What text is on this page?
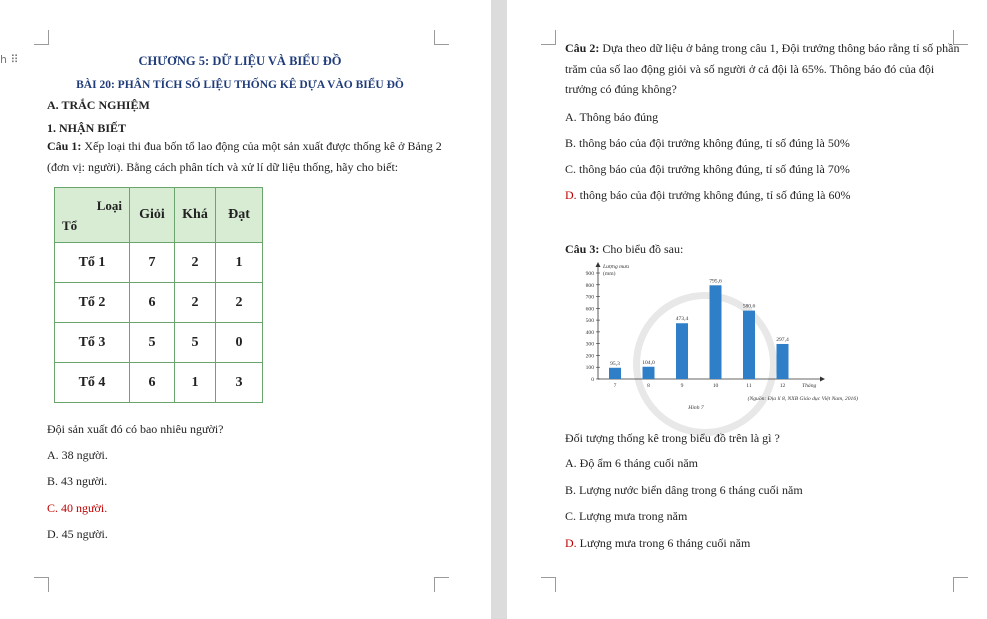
h ⠿	CHƯƠNG 5: DỮ LIỆU VÀ BIỂU ĐỒ
BÀI 20: PHÂN TÍCH SỐ LIỆU THỐNG KÊ DỰA VÀO BIỂU ĐỒ
A. TRẮC NGHIỆM
1. NHẬN BIẾT
Câu 1: Xếp loại thi đua bốn tổ lao động của một sản xuất được thống kê ở Bảng 2
(đơn vị: người). Bằng cách phân tích và xử lí dữ liệu thống, hãy cho biết:
Loại
Tổ	Giỏi	Khá	Đạt
Tổ 1	7	2	1
Tổ 2	6	2	2
Tổ 3	5	5	0
Tổ 4	6	1	3
Đội sản xuất đó có bao nhiêu người?
A. 38 người.
B. 43 người.
C. 40 người.
D. 45 người.
Câu 2: Dựa theo dữ liệu ở bảng trong câu 1, Đội trưởng thông báo rằng tỉ số phần
trăm của số lao động giỏi và số người ở cả đội là 65%. Thông báo đó của đội
trưởng có đúng không?
A. Thông báo đúng
B. thông báo của đội trưởng không đúng, tỉ số đúng là 50%
C. thông báo của đội trưởng không đúng, tỉ số đúng là 70%
D. thông báo của đội trưởng không đúng, tỉ số đúng là 60%
Câu 3: Cho biểu đồ sau:
0
100
200
300
400
500
600
700
800
900
Lượng mưa
(mm)
95,3
7
104,0
8
473,4
9
795,6
10
580,6
11
297,4
12	Tháng
(Nguồn: Địa lí 8, NXB Giáo dục Việt Nam, 2016)
Hình 7
Đối tượng thống kê trong biểu đồ trên là gì ?
A. Độ ẩm 6 tháng cuối năm
B. Lượng nước biển dâng trong 6 tháng cuối năm
C. Lượng mưa trong năm
D. Lượng mưa trong 6 tháng cuối năm
